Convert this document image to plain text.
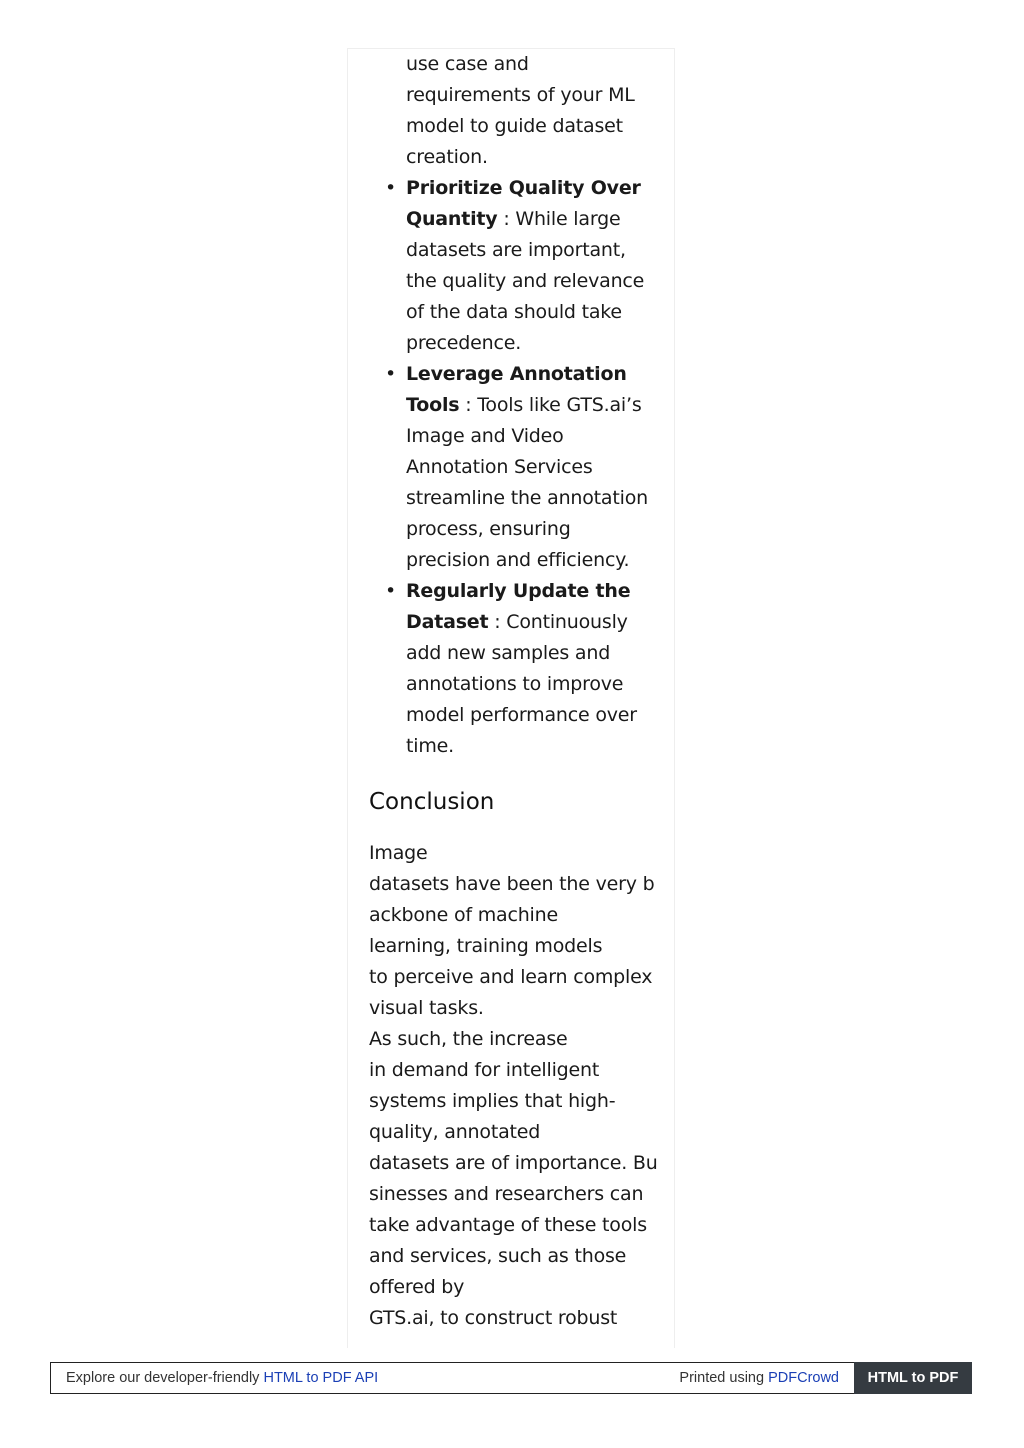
use case and
requirements of your ML
model to guide dataset
creation.
• Prioritize Quality Over
Quantity : While large
datasets are important,
the quality and relevance
of the data should take
precedence.
• Leverage Annotation
Tools : Tools like GTS.ai’s
Image and Video
Annotation Services
streamline the annotation
process, ensuring
precision and efficiency.
• Regularly Update the
Dataset : Continuously
add new samples and
annotations to improve
model performance over
time.
Conclusion
Image
datasets have been the very b
ackbone of machine
learning, training models
to perceive and learn complex
visual tasks.
As such, the increase
in demand for intelligent
systems implies that high-
quality, annotated
datasets are of importance. Bu
sinesses and researchers can
take advantage of these tools
and services, such as those
offered by
GTS.ai, to construct robust
Explore our developer-friendly HTML to PDF API	Printed using PDFCrowd	HTML to PDF
